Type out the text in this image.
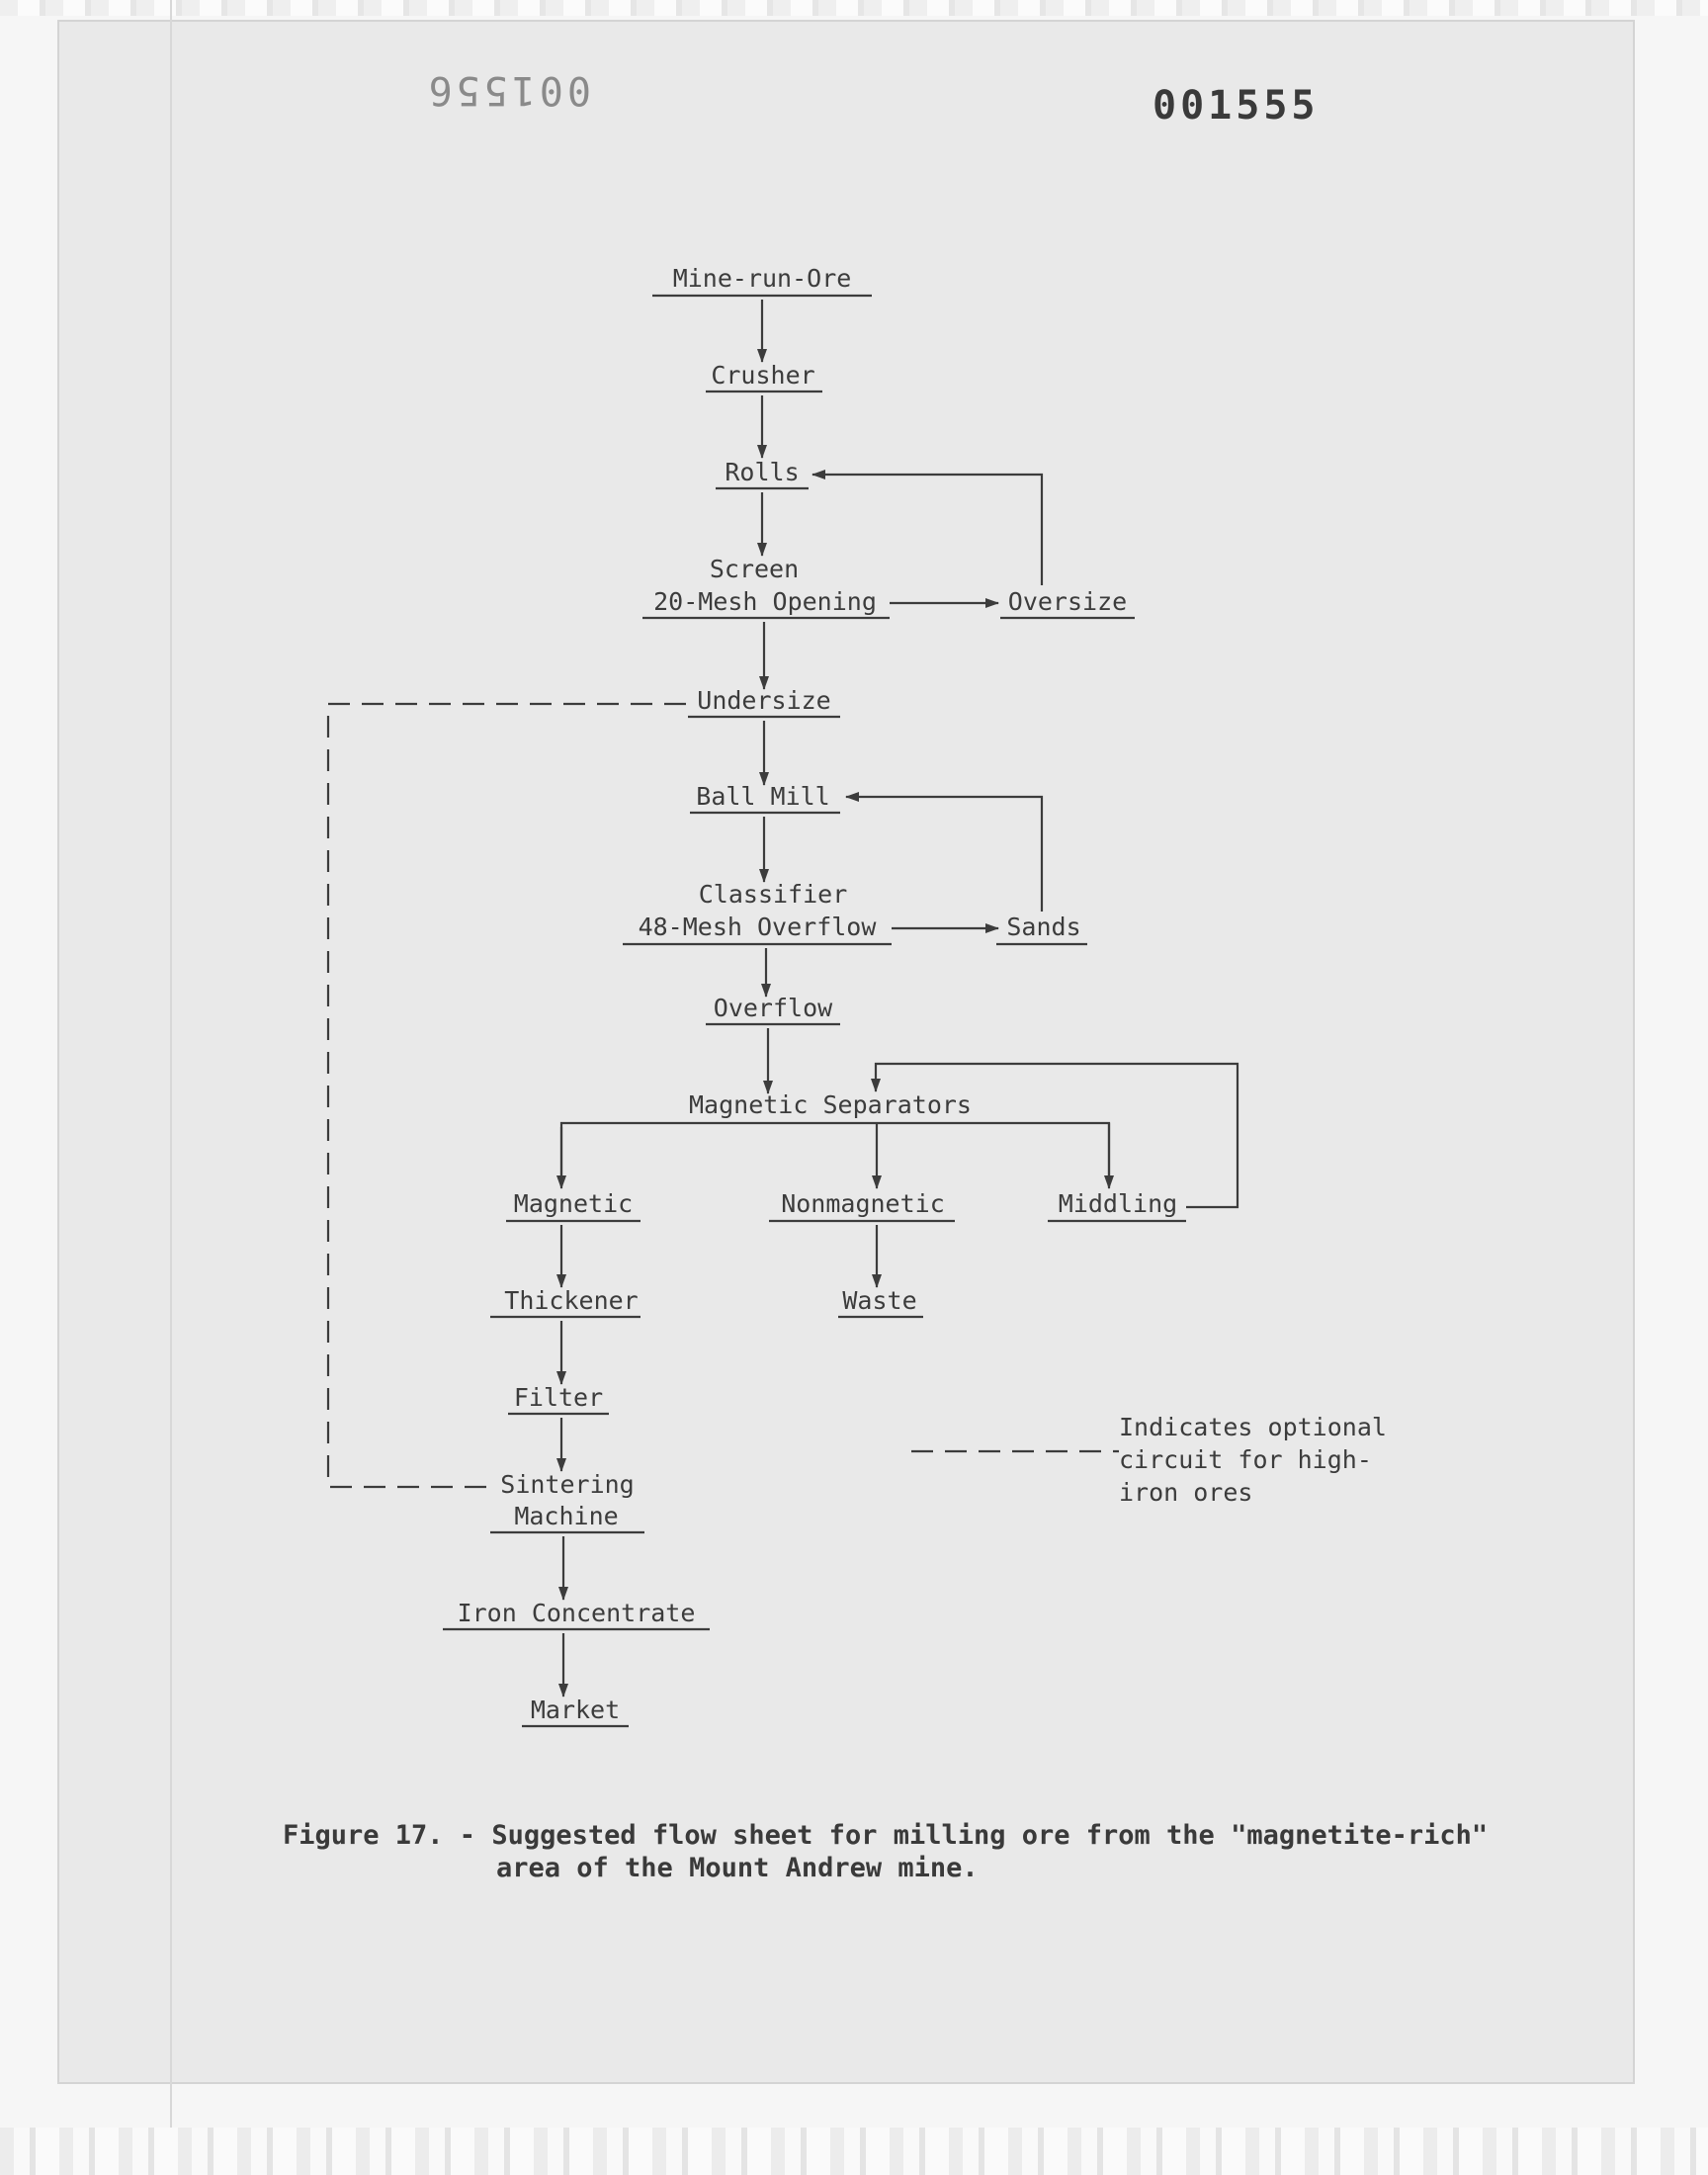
001556	001555
Mine-run-Ore
Crusher
Rolls
Screen
20-Mesh Opening	Oversize
Undersize
Ball Mill
Classifier
48-Mesh Overflow	Sands
Overflow
Magnetic Separators
Magnetic	Nonmagnetic	Middling
Thickener	Waste
Filter
Sintering
Machine
Iron Concentrate
Market
Indicates optional
circuit for high-
iron ores
Figure 17. - Suggested flow sheet for milling ore from the "magnetite-rich"
area of the Mount Andrew mine.
